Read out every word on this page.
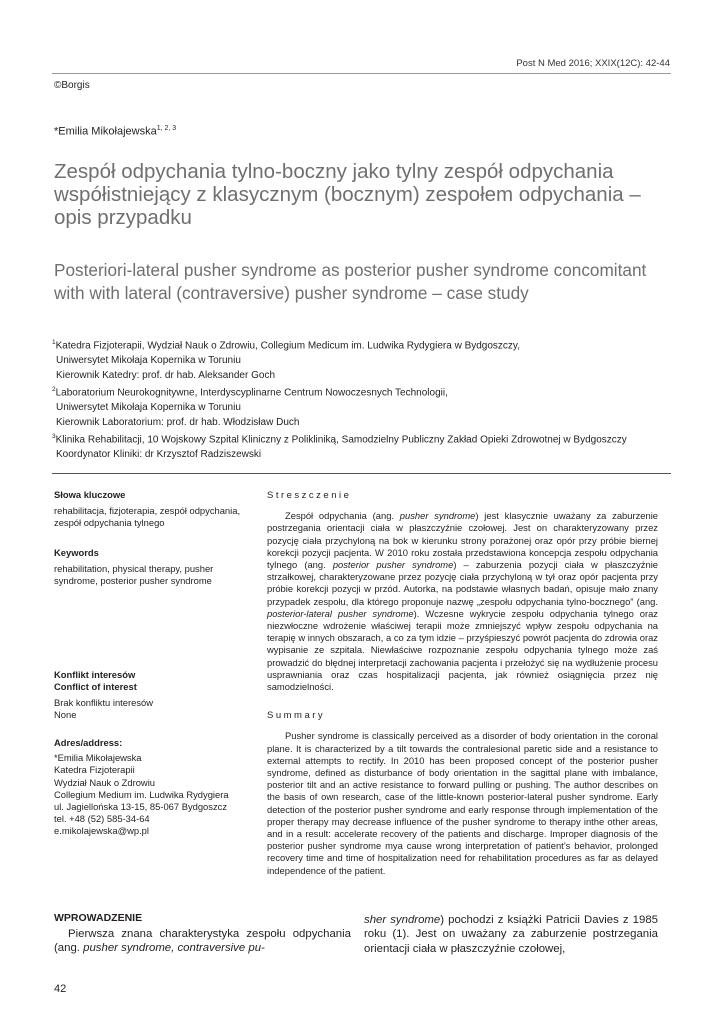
Post N Med 2016; XXIX(12C): 42-44
©Borgis
*Emilia Mikołajewska$^{1, 2, 3}$
Zespół odpychania tylno-boczny jako tylny zespół odpychania współistniejący z klasycznym (bocznym) zespołem odpychania – opis przypadku
Posteriori-lateral pusher syndrome as posterior pusher syndrome concomitant with with lateral (contraversive) pusher syndrome – case study
$^1$Katedra Fizjoterapii, Wydział Nauk o Zdrowiu, Collegium Medicum im. Ludwika Rydygiera w Bydgoszczy,
Uniwersytet Mikołaja Kopernika w Toruniu
Kierownik Katedry: prof. dr hab. Aleksander Goch
$^2$Laboratorium Neurokognitywne, Interdyscyplinarne Centrum Nowoczesnych Technologii,
Uniwersytet Mikołaja Kopernika w Toruniu
Kierownik Laboratorium: prof. dr hab. Włodzisław Duch
$^3$Klinika Rehabilitacji, 10 Wojskowy Szpital Kliniczny z Polikliniką, Samodzielny Publiczny Zakład Opieki Zdrowotnej w Bydgoszczy
Koordynator Kliniki: dr Krzysztof Radziszewski

Słowa kluczowe

rehabilitacja, fizjoterapia, zespół odpychania, zespół odpychania tylnego

Keywords

rehabilitation, physical therapy, pusher syndrome, posterior pusher syndrome

Konflikt interesów

Conflict of interest

Brak konfliktu interesów

None

Adres/address:

*Emilia Mikołajewska

Katedra Fizjoterapii

Wydział Nauk o Zdrowiu

Collegium Medium im. Ludwika Rydygiera

ul. Jagiellońska 13-15, 85-067 Bydgoszcz

tel. +48 (52) 585-34-64

e.mikolajewska@wp.pl

Streszczenie

Zespół odpychania (ang. pusher syndrome) jest klasycznie uważany za zaburzenie postrzegania orientacji ciała w płaszczyźnie czołowej. Jest on charakteryzowany przez pozycję ciała przychyloną na bok w kierunku strony porażonej oraz opór przy próbie biernej korekcji pozycji pacjenta. W 2010 roku została przedstawiona koncepcja zespołu odpychania tylnego (ang. posterior pusher syndrome) – zaburzenia pozycji ciała w płaszczyźnie strzałkowej, charakteryzowane przez pozycję ciała przychyloną w tył oraz opór pacjenta przy próbie korekcji pozycji w przód. Autorka, na podstawie własnych badań, opisuje mało znany przypadek zespołu, dla którego proponuje nazwę „zespołu odpychania tylno-bocznego” (ang. posterior-lateral pusher syndrome). Wczesne wykrycie zespołu odpychania tylnego oraz niezwłoczne wdrożenie właściwej terapii może zmniejszyć wpływ zespołu odpychania na terapię w innych obszarach, a co za tym idzie – przyśpieszyć powrót pacjenta do zdrowia oraz wypisanie ze szpitala. Niewłaściwe rozpoznanie zespołu odpychania tylnego może zaś prowadzić do błędnej interpretacji zachowania pacjenta i przełożyć się na wydłużenie procesu usprawniania oraz czas hospitalizacji pacjenta, jak również osiągnięcia przez nię samodzielności.

Summary

Pusher syndrome is classically perceived as a disorder of body orientation in the coronal plane. It is characterized by a tilt towards the contralesional paretic side and a resistance to external attempts to rectify. In 2010 has been proposed concept of the posterior pusher syndrome, defined as disturbance of body orientation in the sagittal plane with imbalance, posterior tilt and an active resistance to forward pulling or pushing. The author describes on the basis of own research, case of the little-known posterior-lateral pusher syndrome. Early detection of the posterior pusher syndrome and early response through implementation of the proper therapy may decrease influence of the pusher syndrome to therapy inthe other areas, and in a result: accelerate recovery of the patients and discharge. Improper diagnosis of the posterior pusher syndrome mya cause wrong interpretation of patient’s behavior, prolonged recovery time and time of hospitalization need for rehabilitation procedures as far as delayed independence of the patient.

WPROWADZENIE

Pierwsza znana charakterystyka zespołu odpychania (ang. pusher syndrome, contraversive pu-

sher syndrome) pochodzi z książki Patricii Davies z 1985 roku (1). Jest on uważany za zaburzenie postrzegania orientacji ciała w płaszczyźnie czołowej,

42
